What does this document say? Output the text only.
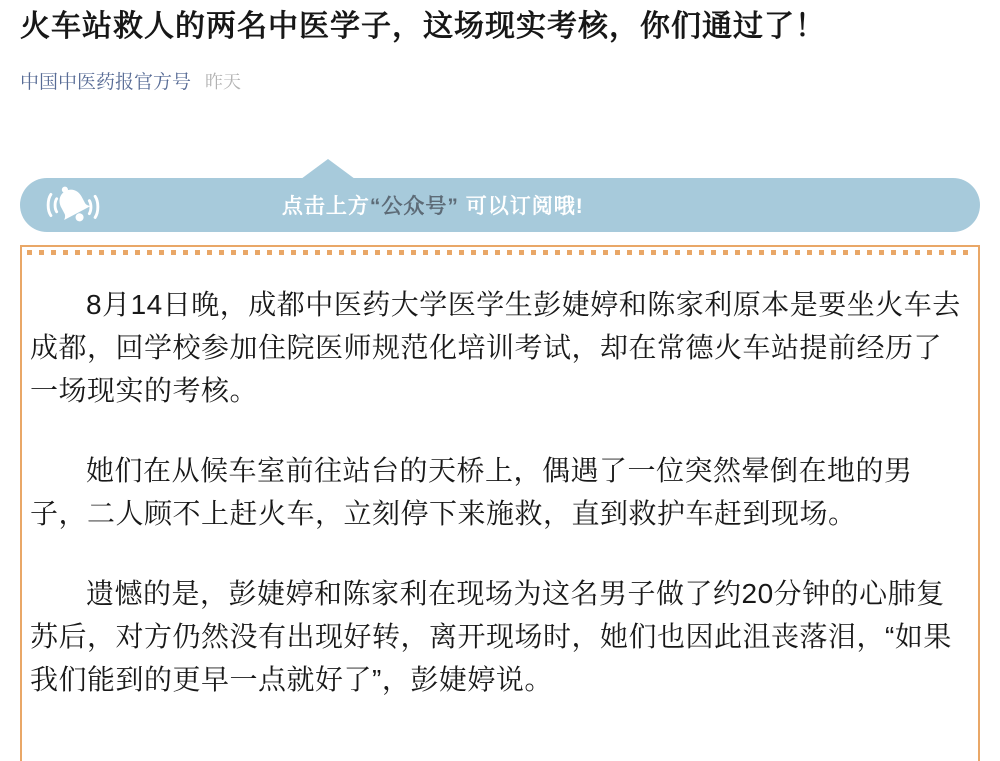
火车站救人的两名中医学子，这场现实考核，你们通过了！
中国中医药报官方号 昨天
点击上方“公众号” 可以订阅哦!

8月14日晚，成都中医药大学医学生彭婕婷和陈家利原本是要坐火车去成都，回学校参加住院医师规范化培训考试，却在常德火车站提前经历了一场现实的考核。

她们在从候车室前往站台的天桥上，偶遇了一位突然晕倒在地的男子，二人顾不上赶火车，立刻停下来施救，直到救护车赶到现场。

遗憾的是，彭婕婷和陈家利在现场为这名男子做了约20分钟的心肺复苏后，对方仍然没有出现好转，离开现场时，她们也因此沮丧落泪，“如果我们能到的更早一点就好了”，彭婕婷说。
